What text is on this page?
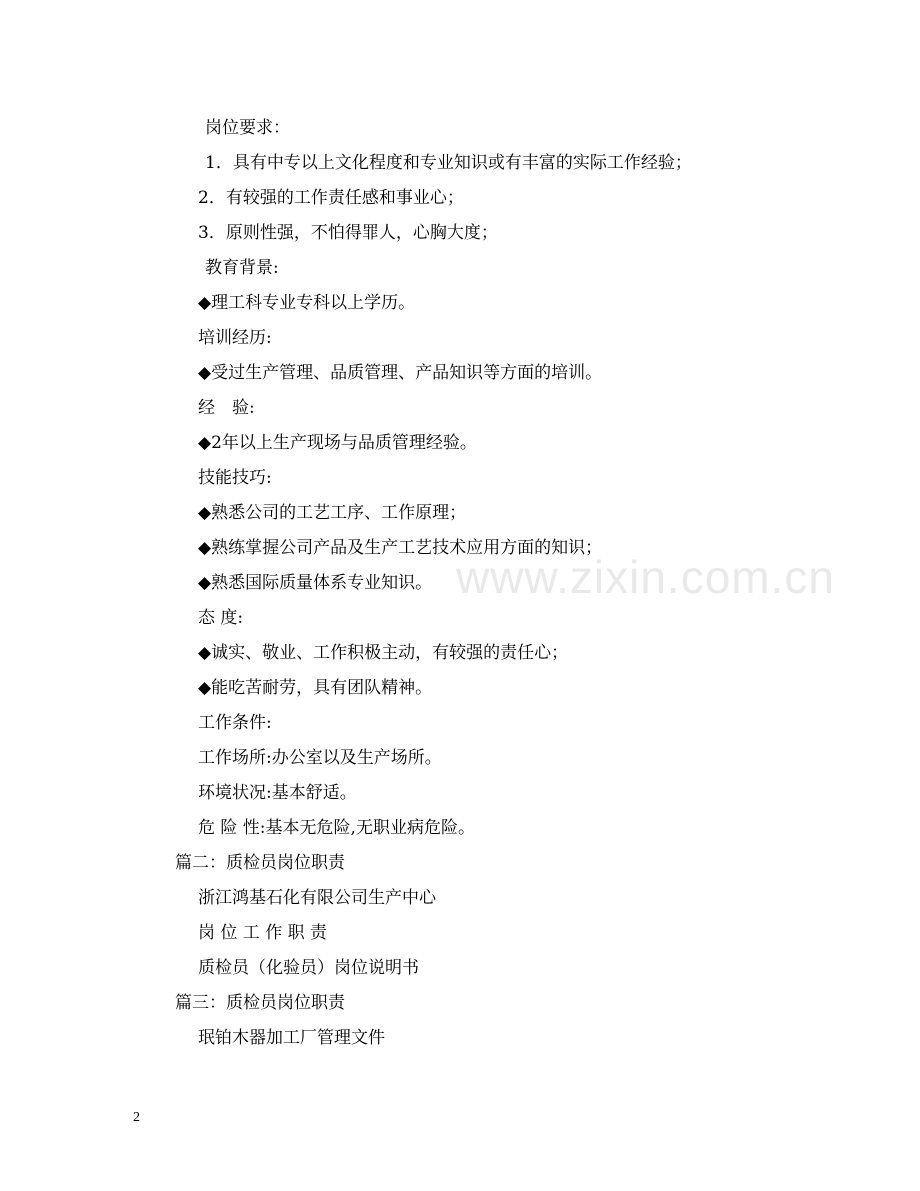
岗位要求：
1．具有中专以上文化程度和专业知识或有丰富的实际工作经验；
2．有较强的工作责任感和事业心；
3．原则性强，不怕得罪人，心胸大度；
教育背景:
◆理工科专业专科以上学历。
培训经历:
◆受过生产管理、品质管理、产品知识等方面的培训。
经　验:
◆2年以上生产现场与品质管理经验。
技能技巧:
◆熟悉公司的工艺工序、工作原理；
◆熟练掌握公司产品及生产工艺技术应用方面的知识；
◆熟悉国际质量体系专业知识。
态 度:
◆诚实、敬业、工作积极主动，有较强的责任心；
◆能吃苦耐劳，具有团队精神。
工作条件:
工作场所:办公室以及生产场所。
环境状况:基本舒适。
危 险 性:基本无危险,无职业病危险。
篇二：质检员岗位职责
浙江鸿基石化有限公司生产中心
岗 位 工 作 职 责
质检员（化验员）岗位说明书
篇三：质检员岗位职责
珉铂木器加工厂管理文件
www.zixin.com.cn
2
